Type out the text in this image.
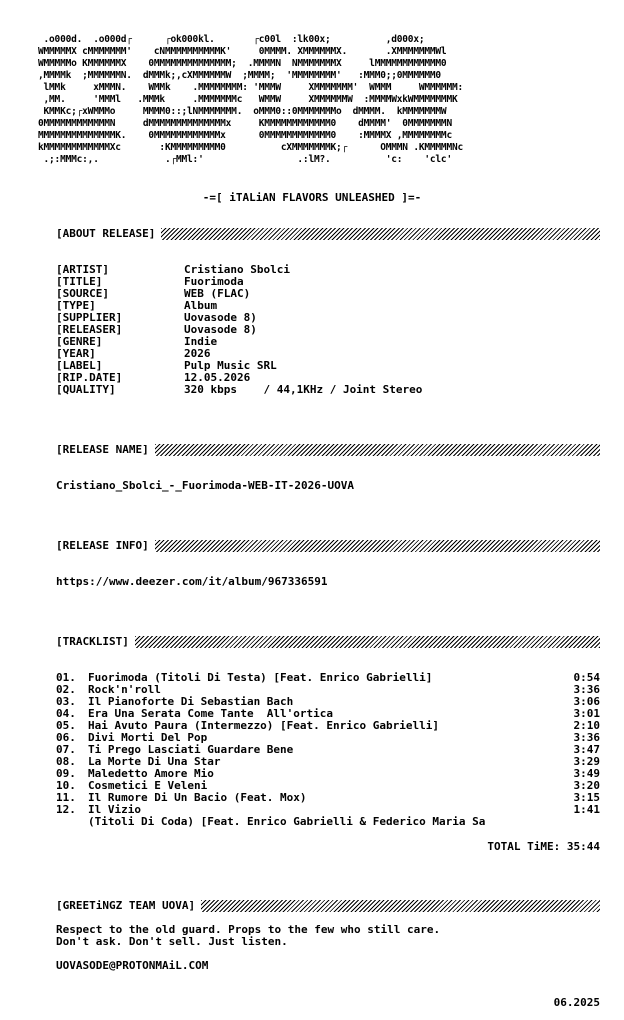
.o000d.  .o000d┌      ┌ok000kl.       ┌c00l  :lk00x;          ,d000x;
WMMMMMX cMMMMMMM'    cNMMMMMMMMMMK'     0MMMM. XMMMMMMX.       .XMMMMMMMWl
WMMMMMo KMMMMMMX    0MMMMMMMMMMMMMM;  .MMMMN  NMMMMMMMX     lMMMMMMMMMMMM0
,MMMMk  ;MMMMMMN.  dMMMk;,cXMMMMMMW  ;MMMM;  'MMMMMMMM'   :MMM0;;0MMMMMM0
lMMk     xMMMN.    WMMk    .MMMMMMMM: 'MMMW     XMMMMMMM'  WMMM     WMMMMMM:
,MM.     'MMMl   .MMMk     .MMMMMMMc   WMMW     XMMMMMMW  :MMMMWxkWMMMMMMMK
KMMKc;┌xWMMMo     MMMM0::;lNMMMMMMM.  oMMM0::0MMMMMMMo  dMMMM.  kMMMMMMMW
0MMMMMMMMMMMMN     dMMMMMMMMMMMMMMx     KMMMMMMMMMMMM0    dMMMM'  0MMMMMMMN
MMMMMMMMMMMMMMK.    0MMMMMMMMMMMMx      0MMMMMMMMMMMM0    :MMMMX ,MMMMMMMMc
kMMMMMMMMMMMMXc       :KMMMMMMMMM0          cXMMMMMMMK;┌      OMMMN .KMMMMMNc
.;:MMMc:,.            .┌MMl:'                 .:lM?.          'c:    'clc'
-=[ iTALiAN FLAVORS UNLEASHED ]=-
[ABOUT RELEASE]
[ARTIST]	Cristiano Sbolci
[TITLE]	Fuorimoda
[SOURCE]	WEB (FLAC)
[TYPE]	Album
[SUPPLIER]	Uovasode 8)
[RELEASER]	Uovasode 8)
[GENRE]	Indie
[YEAR]	2026
[LABEL]	Pulp Music SRL
[RIP.DATE]	12.05.2026
[QUALITY]	320 kbps    / 44,1KHz / Joint Stereo
[RELEASE NAME]
Cristiano_Sbolci_-_Fuorimoda-WEB-IT-2026-UOVA
[RELEASE INFO]
https://www.deezer.com/it/album/967336591
[TRACKLIST]
01.	Fuorimoda (Titoli Di Testa) [Feat. Enrico Gabrielli]	0:54
02.	Rock'n'roll	3:36
03.	Il Pianoforte Di Sebastian Bach	3:06
04.	Era Una Serata Come Tante  All'ortica	3:01
05.	Hai Avuto Paura (Intermezzo) [Feat. Enrico Gabrielli]	2:10
06.	Divi Morti Del Pop	3:36
07.	Ti Prego Lasciati Guardare Bene	3:47
08.	La Morte Di Una Star	3:29
09.	Maledetto Amore Mio	3:49
10.	Cosmetici E Veleni	3:20
11.	Il Rumore Di Un Bacio (Feat. Mox)	3:15
12.	Il Vizio	1:41
(Titoli Di Coda) [Feat. Enrico Gabrielli & Federico Maria Sa
TOTAL TiME: 35:44
[GREETiNGZ TEAM UOVA]
Respect to the old guard. Props to the few who still care.
Don't ask. Don't sell. Just listen.
UOVASODE@PROTONMAiL.COM
06.2025
